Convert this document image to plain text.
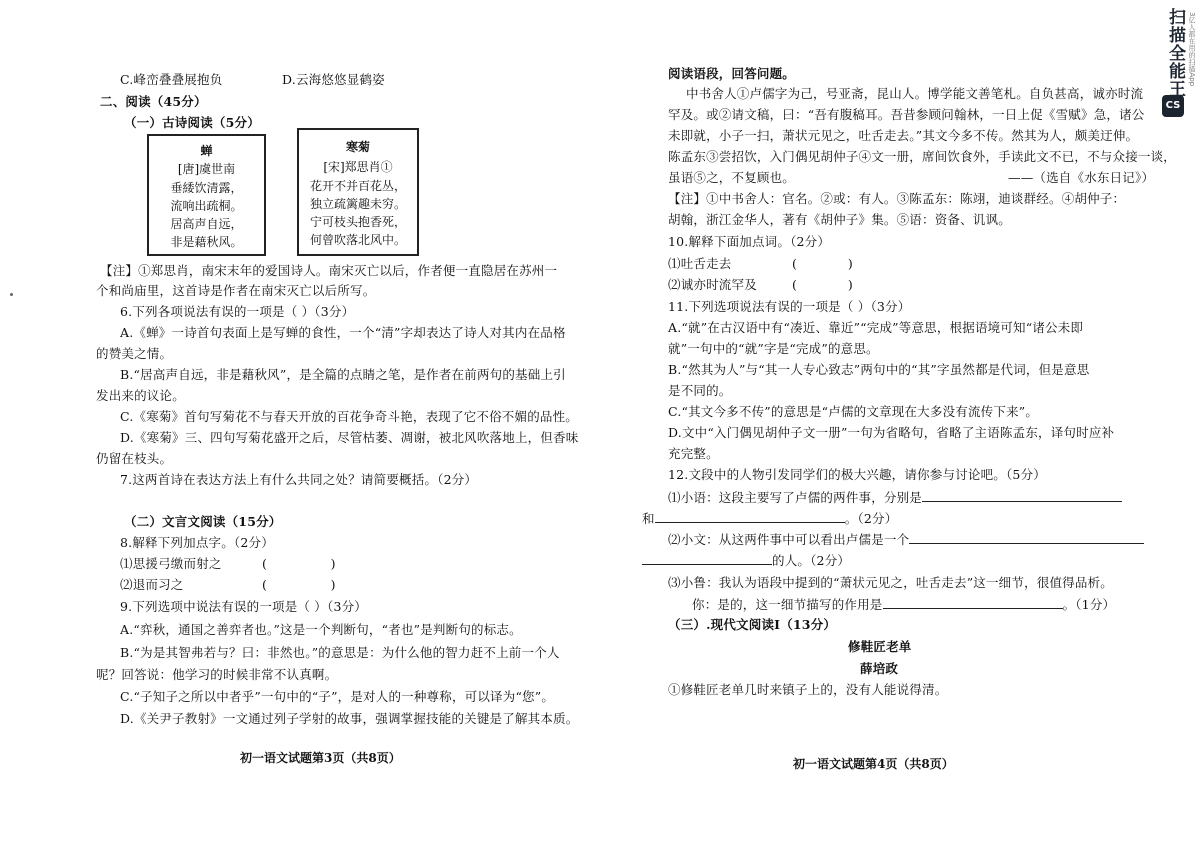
C.峰峦叠叠展抱负	D.云海悠悠显鹤姿
二、阅读（45分）
（一）古诗阅读（5分）
蝉
[唐]虞世南
垂緌饮清露，
流响出疏桐。
居高声自远，
非是藉秋风。
寒菊
[宋]郑思肖①
花开不并百花丛，
独立疏篱趣未穷。
宁可枝头抱香死，
何曾吹落北风中。
【注】①郑思肖，南宋末年的爱国诗人。南宋灭亡以后，作者便一直隐居在苏州一
个和尚庙里，这首诗是作者在南宋灭亡以后所写。
6.下列各项说法有误的一项是（ ）（3分）
A.《蝉》一诗首句表面上是写蝉的食性，一个“清”字却表达了诗人对其内在品格
的赞美之情。
B.“居高声自远，非是藉秋风”，是全篇的点睛之笔，是作者在前两句的基础上引
发出来的议论。
C.《寒菊》首句写菊花不与春天开放的百花争奇斗艳，表现了它不俗不媚的品性。
D.《寒菊》三、四句写菊花盛开之后，尽管枯萎、凋谢，被北风吹落地上，但香味
仍留在枝头。
7.这两首诗在表达方法上有什么共同之处？请简要概括。（2分）
（二）文言文阅读（15分）
8.解释下列加点字。（2分）
⑴思援弓缴而射之	(　　　　　)
⑵退而习之	(　　　　　)
9.下列选项中说法有误的一项是（ ）（3分）
A.“弈秋，通国之善弈者也。”这是一个判断句，“者也”是判断句的标志。
B.“为是其智弗若与？曰：非然也。”的意思是：为什么他的智力赶不上前一个人
呢？回答说：他学习的时候非常不认真啊。
C.“子知子之所以中者乎”一句中的“子”，是对人的一种尊称，可以译为“您”。
D.《关尹子教射》一文通过列子学射的故事，强调掌握技能的关键是了解其本质。
初一语文试题第3页（共8页）
阅读语段，回答问题。
中书舍人①卢儒字为己，号亚斋，昆山人。博学能文善笔札。自负甚高，诚亦时流
罕及。或②请文稿，曰：“吾有腹稿耳。吾昔参顾问翰林，一日上促《雪赋》急，诸公
未即就，小子一扫，萧状元见之，吐舌走去。”其文今多不传。然其为人，颇美迂伸。
陈孟东③尝招饮，入门偶见胡仲子④文一册，席间饮食外，手读此文不已，不与众接一谈，
虽语⑤之，不复顾也。	——（选自《水东日记》）
【注】①中书舍人：官名。②或：有人。③陈孟东：陈翊，迪谈群经。④胡仲子：
胡翰，浙江金华人，著有《胡仲子》集。⑤语：资备、讥讽。
10.解释下面加点词。（2分）
⑴吐舌走去	(　　　　)
⑵诚亦时流罕及	(　　　　)
11.下列选项说法有误的一项是（ ）（3分）
A.“就”在古汉语中有“凑近、靠近”“完成”等意思，根据语境可知“诸公未即
就”一句中的“就”字是“完成”的意思。
B.“然其为人”与“其一人专心致志”两句中的“其”字虽然都是代词，但是意思
是不同的。
C.“其文今多不传”的意思是“卢儒的文章现在大多没有流传下来”。
D.文中“入门偶见胡仲子文一册”一句为省略句，省略了主语陈孟东，译句时应补
充完整。
12.文段中的人物引发同学们的极大兴趣，请你参与讨论吧。（5分）
⑴小语：这段主要写了卢儒的两件事，分别是
和	。（2分）
⑵小文：从这两件事中可以看出卢儒是一个
的人。（2分）
⑶小鲁：我认为语段中提到的“萧状元见之，吐舌走去”这一细节，很值得品析。
你：是的，这一细节描写的作用是	。（1分）
（三）.现代文阅读Ⅰ（13分）
修鞋匠老单
薛培政
①修鞋匠老单几时来镇子上的，没有人能说得清。
初一语文试题第4页（共8页）
CS
扫描全能王 3亿人都在用的扫描App
